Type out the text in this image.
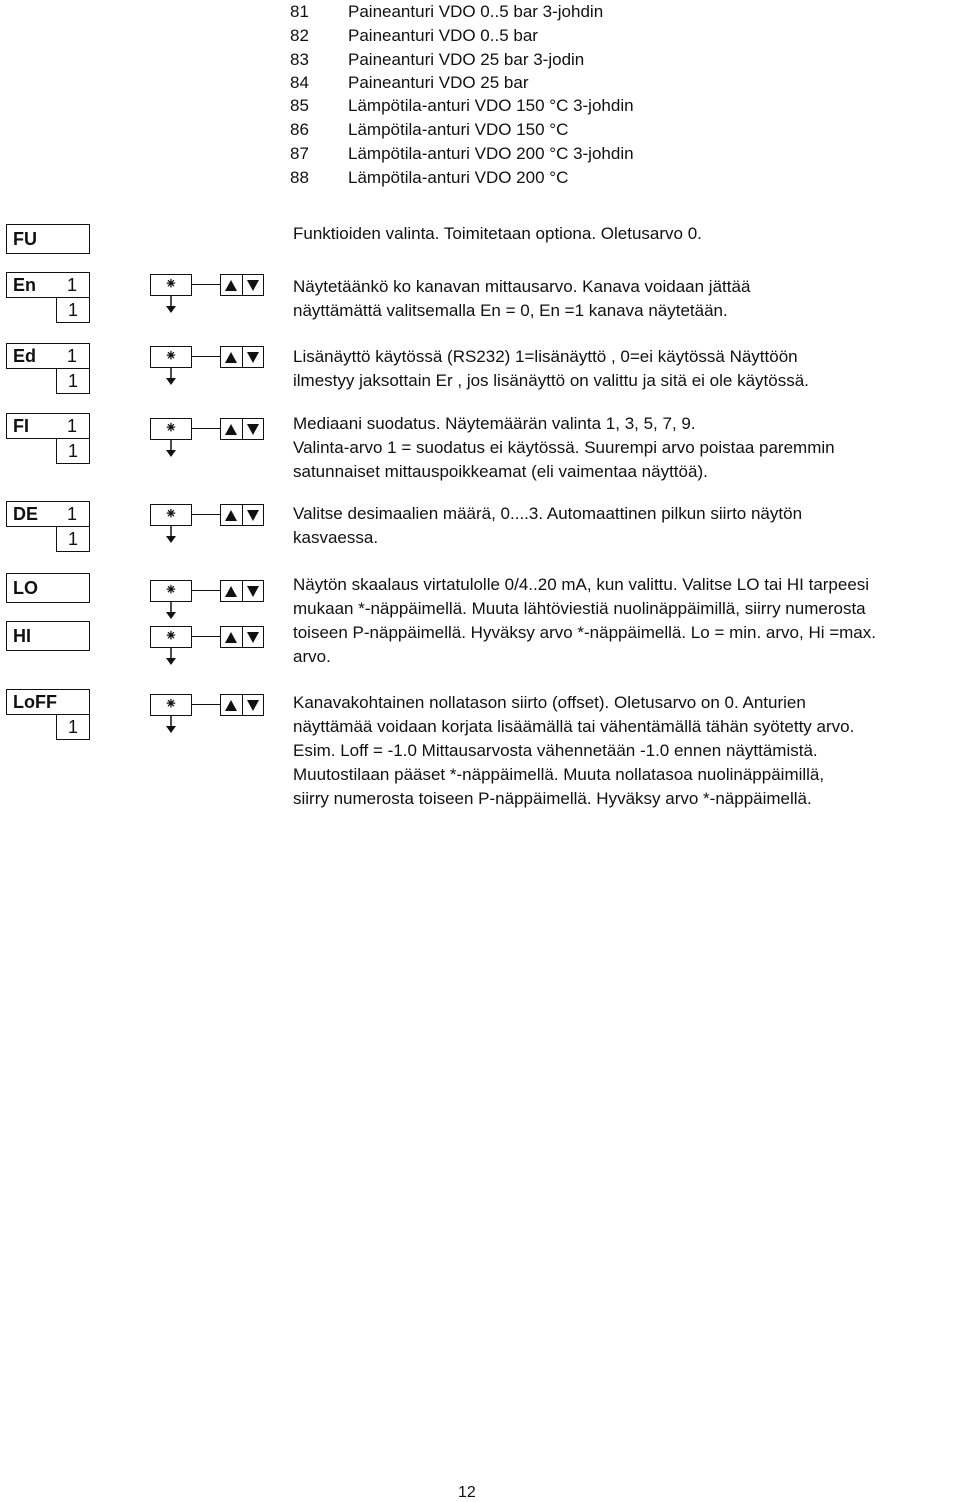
81 Paineanturi VDO 0..5 bar 3-johdin
82 Paineanturi VDO 0..5 bar
83 Paineanturi VDO 25 bar 3-jodin
84 Paineanturi VDO 25 bar
85 Lämpötila-anturi VDO 150 °C 3-johdin
86 Lämpötila-anturi VDO 150 °C
87 Lämpötila-anturi VDO 200 °C 3-johdin
88 Lämpötila-anturi VDO 200 °C
FU	Funktioiden valinta. Toimitetaan optiona. Oletusarvo 0.

En 1
1
⁕	Näytetäänkö ko kanavan mittausarvo. Kanava voidaan jättää

näyttämättä valitsemalla En = 0, En =1 kanava näytetään.

Ed 1
1
⁕	Lisänäyttö käytössä (RS232) 1=lisänäyttö , 0=ei käytössä Näyttöön

ilmestyy jaksottain Er , jos lisänäyttö on valittu ja sitä ei ole käytössä.

FI 1
1
⁕	Mediaani suodatus. Näytemäärän valinta 1, 3, 5, 7, 9.

Valinta-arvo 1 = suodatus ei käytössä. Suurempi arvo poistaa paremmin

satunnaiset mittauspoikkeamat (eli vaimentaa näyttöä).

DE 1
1
⁕	Valitse desimaalien määrä, 0....3. Automaattinen pilkun siirto näytön

kasvaessa.

LO	⁕
HI	⁕

Näytön skaalaus virtatulolle 0/4..20 mA, kun valittu. Valitse LO tai HI tarpeesi

mukaan *-näppäimellä. Muuta lähtöviestiä nuolinäppäimillä, siirry numerosta

toiseen P-näppäimellä. Hyväksy arvo *-näppäimellä. Lo = min. arvo, Hi =max.

arvo.

LoFF
1
⁕	Kanavakohtainen nollatason siirto (offset). Oletusarvo on 0. Anturien

näyttämää voidaan korjata lisäämällä tai vähentämällä tähän syötetty arvo.

Esim. Loff = -1.0 Mittausarvosta vähennetään -1.0 ennen näyttämistä.

Muutostilaan pääset *-näppäimellä. Muuta nollatasoa nuolinäppäimillä,

siirry numerosta toiseen P-näppäimellä. Hyväksy arvo *-näppäimellä.

12
